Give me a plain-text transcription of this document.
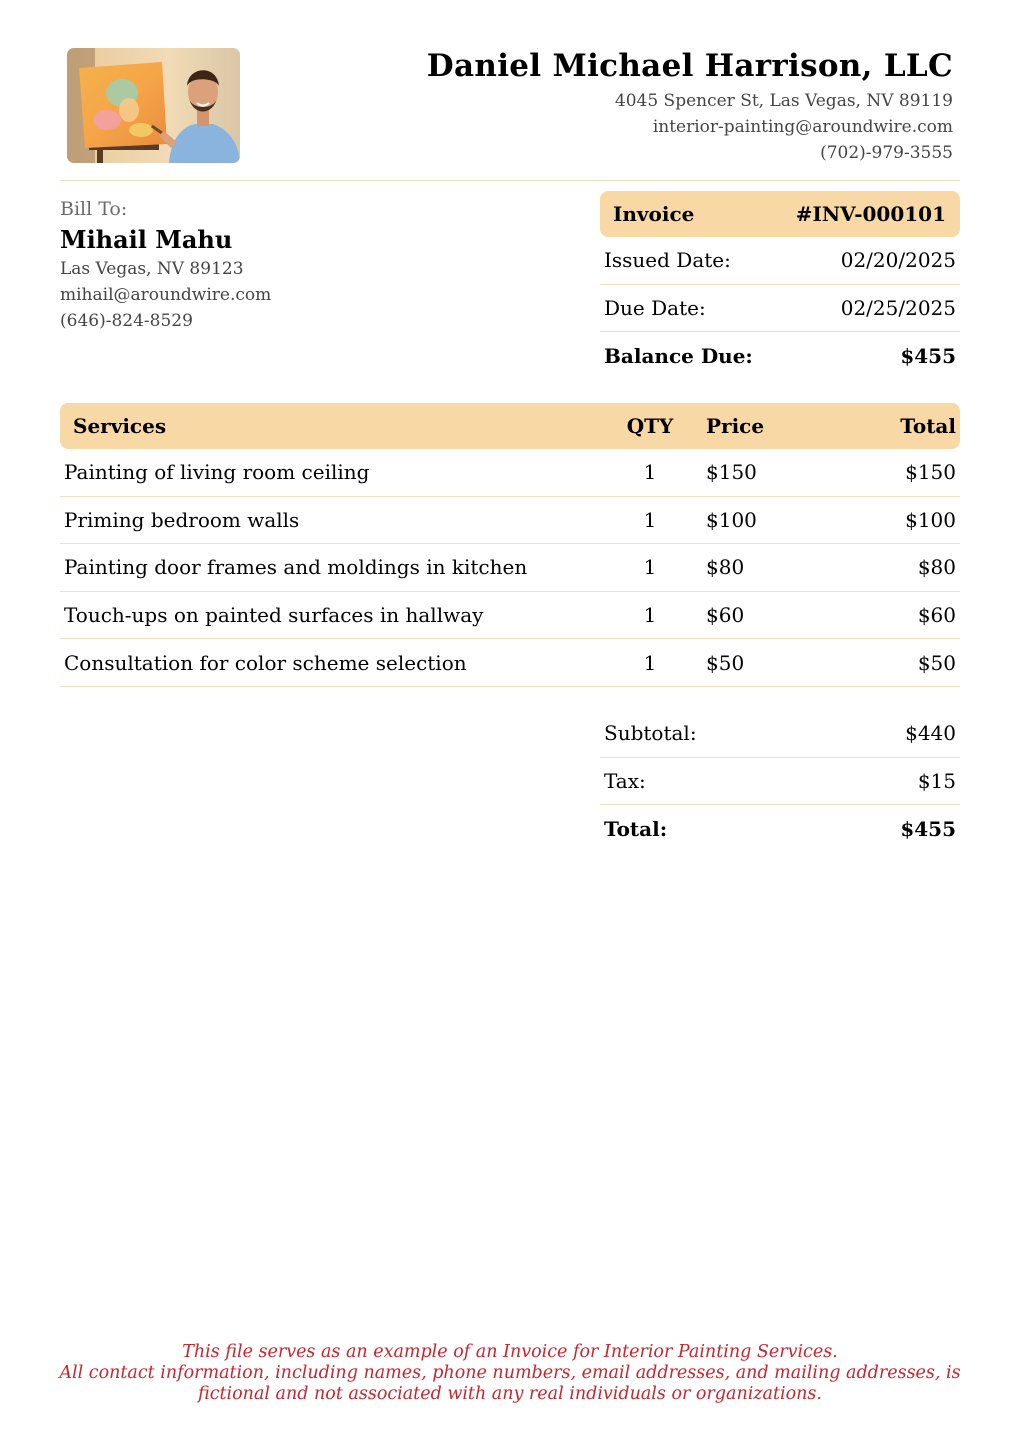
Daniel Michael Harrison, LLC
4045 Spencer St, Las Vegas, NV 89119
interior-painting@aroundwire.com
(702)-979-3555
Bill To:
Mihail Mahu
Las Vegas, NV 89123
mihail@aroundwire.com
(646)-824-8529
Invoice	#INV-000101
Issued Date:	02/20/2025
Due Date:	02/25/2025
Balance Due:	$455
Services	QTY	Price	Total
Painting of living room ceiling	1	$150	$150
Priming bedroom walls	1	$100	$100
Painting door frames and moldings in kitchen	1	$80	$80
Touch-ups on painted surfaces in hallway	1	$60	$60
Consultation for color scheme selection	1	$50	$50
Subtotal:	$440
Tax:	$15
Total:	$455
This file serves as an example of an Invoice for Interior Painting Services.
All contact information, including names, phone numbers, email addresses, and mailing addresses, is
fictional and not associated with any real individuals or organizations.
